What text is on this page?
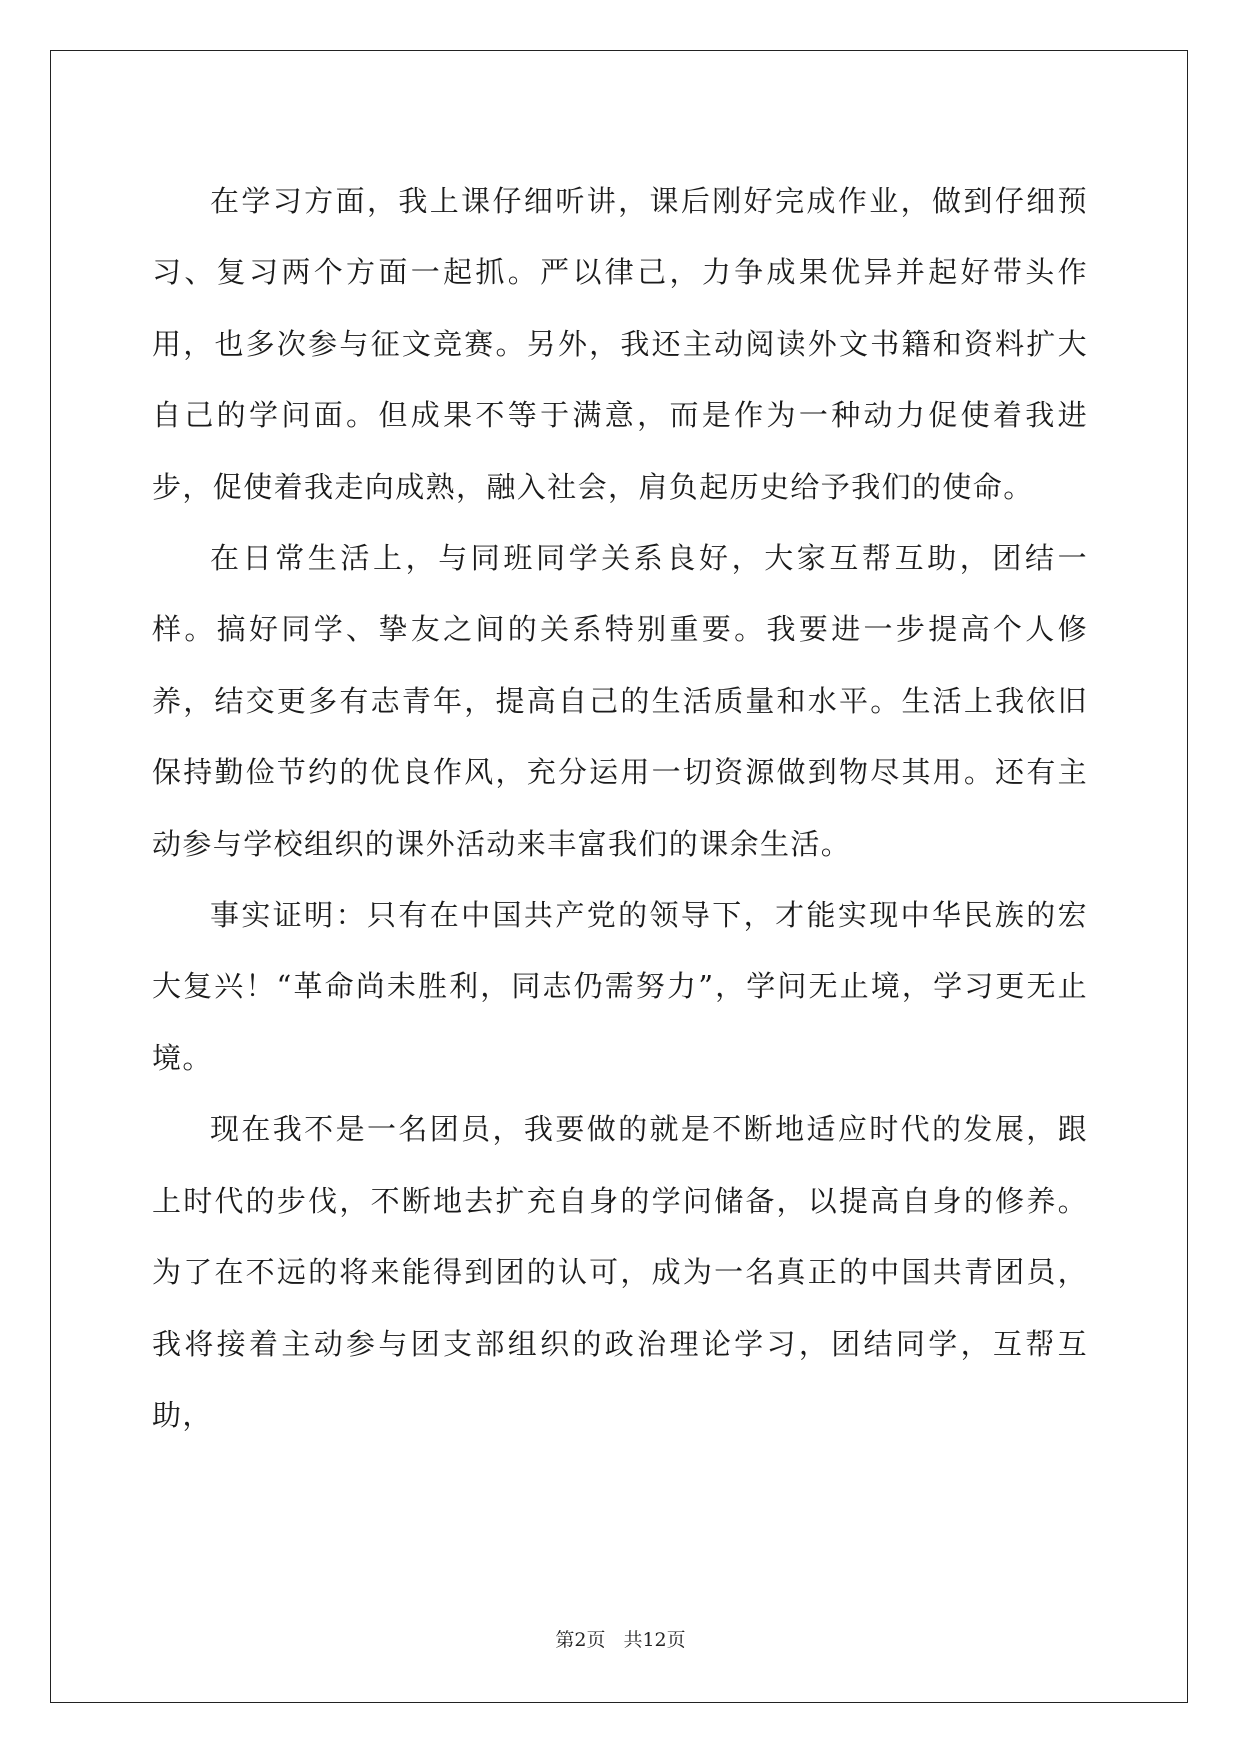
在学习方面，我上课仔细听讲，课后刚好完成作业，做到仔细预习、复习两个方面一起抓。严以律己，力争成果优异并起好带头作用，也多次参与征文竞赛。另外，我还主动阅读外文书籍和资料扩大自己的学问面。但成果不等于满意，而是作为一种动力促使着我进步，促使着我走向成熟，融入社会，肩负起历史给予我们的使命。

在日常生活上，与同班同学关系良好，大家互帮互助，团结一样。搞好同学、挚友之间的关系特别重要。我要进一步提高个人修养，结交更多有志青年，提高自己的生活质量和水平。生活上我依旧保持勤俭节约的优良作风，充分运用一切资源做到物尽其用。还有主动参与学校组织的课外活动来丰富我们的课余生活。

事实证明：只有在中国共产党的领导下，才能实现中华民族的宏大复兴！“革命尚未胜利，同志仍需努力”，学问无止境，学习更无止境。

现在我不是一名团员，我要做的就是不断地适应时代的发展，跟上时代的步伐，不断地去扩充自身的学问储备，以提高自身的修养。为了在不远的将来能得到团的认可，成为一名真正的中国共青团员，我将接着主动参与团支部组织的政治理论学习，团结同学，互帮互助，

第2页 共12页
